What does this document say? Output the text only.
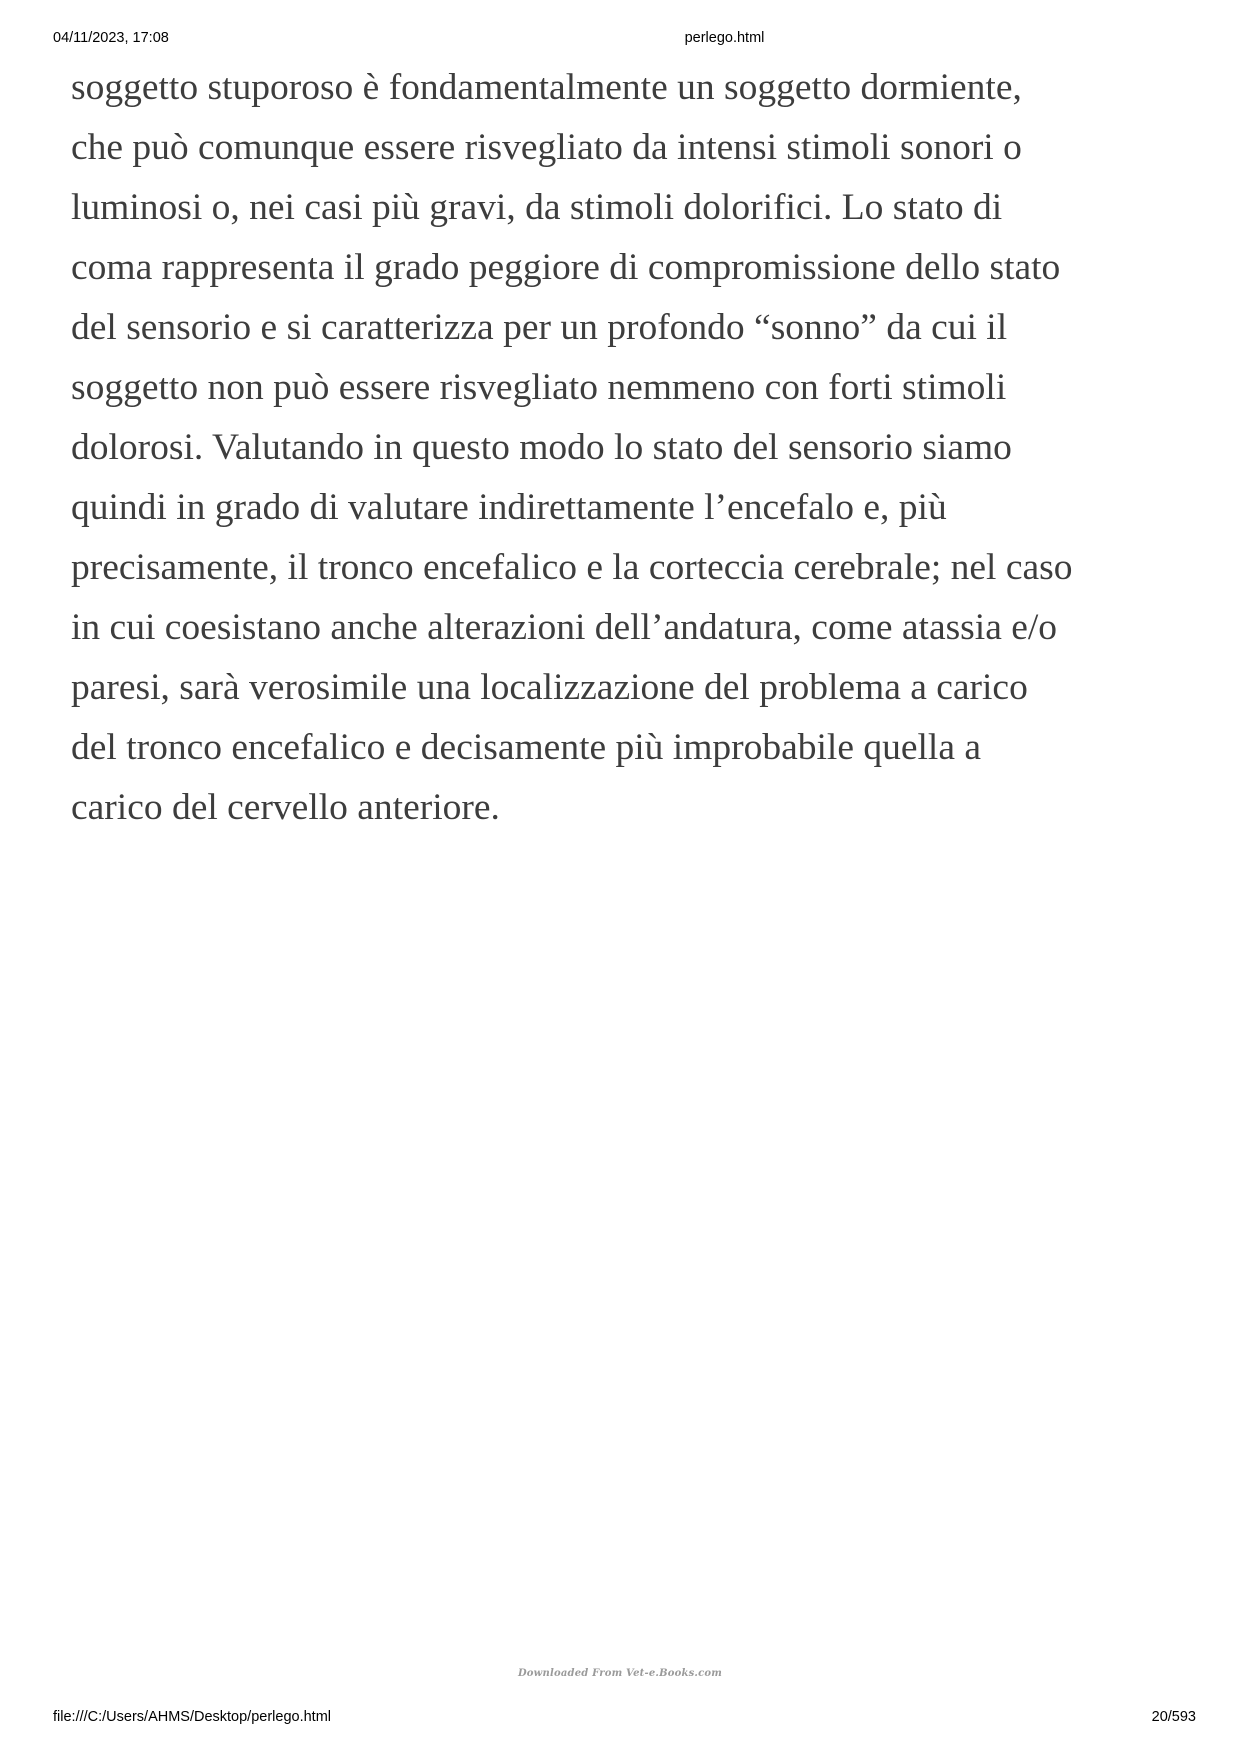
04/11/2023, 17:08	perlego.html
soggetto stuporoso è fondamentalmente un soggetto dormiente,
che può comunque essere risvegliato da intensi stimoli sonori o
luminosi o, nei casi più gravi, da stimoli dolorifici. Lo stato di
coma rappresenta il grado peggiore di compromissione dello stato
del sensorio e si caratterizza per un profondo “sonno” da cui il
soggetto non può essere risvegliato nemmeno con forti stimoli
dolorosi. Valutando in questo modo lo stato del sensorio siamo
quindi in grado di valutare indirettamente l’encefalo e, più
precisamente, il tronco encefalico e la corteccia cerebrale; nel caso
in cui coesistano anche alterazioni dell’andatura, come atassia e/o
paresi, sarà verosimile una localizzazione del problema a carico
del tronco encefalico e decisamente più improbabile quella a
carico del cervello anteriore.
Downloaded From Vet-e.Books.com
file:///C:/Users/AHMS/Desktop/perlego.html	20/593
